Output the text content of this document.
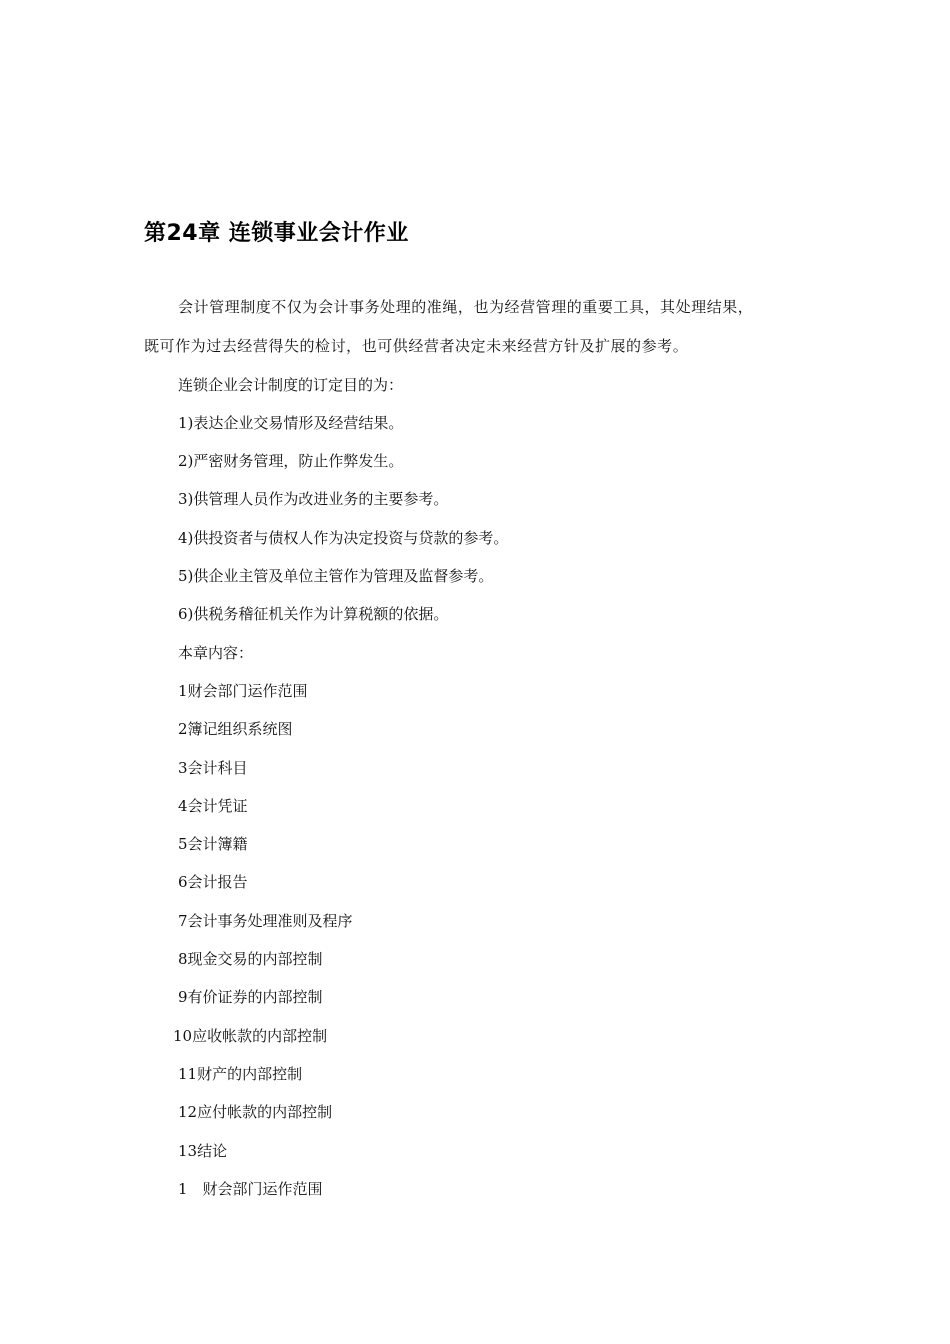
第24章 连锁事业会计作业
会计管理制度不仅为会计事务处理的准绳，也为经营管理的重要工具，其处理结果，
既可作为过去经营得失的检讨，也可供经营者决定未来经营方针及扩展的参考。
连锁企业会计制度的订定目的为：
1)表达企业交易情形及经营结果。
2)严密财务管理，防止作弊发生。
3)供管理人员作为改进业务的主要参考。
4)供投资者与债权人作为决定投资与贷款的参考。
5)供企业主管及单位主管作为管理及监督参考。
6)供税务稽征机关作为计算税额的依据。
本章内容：
1财会部门运作范围
2簿记组织系统图
3会计科目
4会计凭证
5会计簿籍
6会计报告
7会计事务处理准则及程序
8现金交易的内部控制
9有价证券的内部控制
10应收帐款的内部控制
11财产的内部控制
12应付帐款的内部控制
13结论
1　财会部门运作范围
